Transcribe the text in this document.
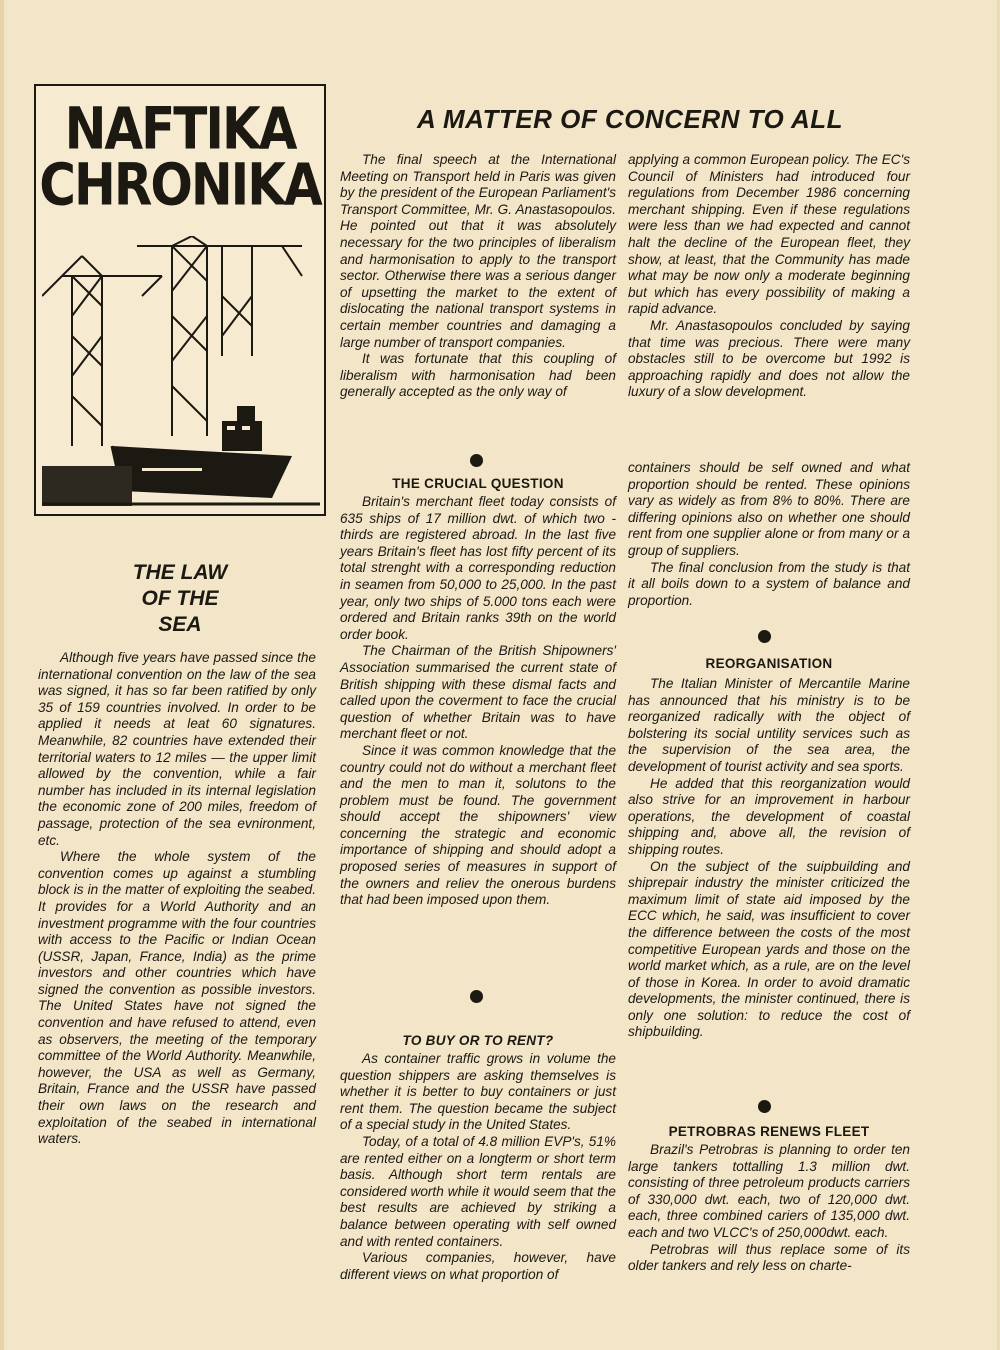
NAFTIKA
CHRONIKA
A MATTER OF CONCERN TO ALL
THE LAW
OF THE
SEA

Although five years have passed since the international convention on the law of the sea was signed, it has so far been ratified by only 35 of 159 countries involved. In order to be applied it needs at leat 60 signatures. Meanwhile, 82 countries have extended their territorial waters to 12 miles — the upper limit allowed by the convention, while a fair number has included in its internal legislation the economic zone of 200 miles, freedom of passage, protection of the sea evnironment, etc.

Where the whole system of the convention comes up against a stumbling block is in the matter of exploiting the seabed. It provides for a World Authority and an investment programme with the four countries with access to the Pacific or Indian Ocean (USSR, Japan, France, India) as the prime investors and other countries which have signed the convention as possible investors. The United States have not signed the convention and have refused to attend, even as observers, the meeting of the temporary committee of the World Authority. Meanwhile, however, the USA as well as Germany, Britain, France and the USSR have passed their own laws on the research and exploitation of the seabed in international waters.

The final speech at the International Meeting on Transport held in Paris was given by the president of the European Parliament's Transport Committee, Mr. G. Anastasopoulos. He pointed out that it was absolutely necessary for the two principles of liberalism and harmonisation to apply to the transport sector. Otherwise there was a serious danger of upsetting the market to the extent of dislocating the national transport systems in certain member countries and damaging a large number of transport companies.

It was fortunate that this coupling of liberalism with harmonisation had been generally accepted as the only way of

applying a common European policy. The EC's Council of Ministers had introduced four regulations from December 1986 concerning merchant shipping. Even if these regulations were less than we had expected and cannot halt the decline of the European fleet, they show, at least, that the Community has made what may be now only a moderate beginning but which has every possibility of making a rapid advance.

Mr. Anastasopoulos concluded by saying that time was precious. There were many obstacles still to be overcome but 1992 is approaching rapidly and does not allow the luxury of a slow development.

THE CRUCIAL QUESTION

Britain's merchant fleet today consists of 635 ships of 17 million dwt. of which two - thirds are registered abroad. In the last five years Britain's fleet has lost fifty percent of its total strenght with a corresponding reduction in seamen from 50,000 to 25,000. In the past year, only two ships of 5.000 tons each were ordered and Britain ranks 39th on the world order book.

The Chairman of the British Shipowners' Association summarised the current state of British shipping with these dismal facts and called upon the coverment to face the crucial question of whether Britain was to have merchant fleet or not.

Since it was common knowledge that the country could not do without a merchant fleet and the men to man it, solutons to the problem must be found. The government should accept the shipowners' view concerning the strategic and economic importance of shipping and should adopt a proposed series of measures in support of the owners and reliev the onerous burdens that had been imposed upon them.

TO BUY OR TO RENT?

As container traffic grows in volume the question shippers are asking themselves is whether it is better to buy containers or just rent them. The question became the subject of a special study in the United States.

Today, of a total of 4.8 million EVP's, 51% are rented either on a longterm or short term basis. Although short term rentals are considered worth while it would seem that the best results are achieved by striking a balance between operating with self owned and with rented containers.

Various companies, however, have different views on what proportion of

containers should be self owned and what proportion should be rented. These opinions vary as widely as from 8% to 80%. There are differing opinions also on whether one should rent from one supplier alone or from many or a group of suppliers.

The final conclusion from the study is that it all boils down to a system of balance and proportion.

REORGANISATION

The Italian Minister of Mercantile Marine has announced that his ministry is to be reorganized radically with the object of bolstering its social untility services such as the supervision of the sea area, the development of tourist activity and sea sports.

He added that this reorganization would also strive for an improvement in harbour operations, the development of coastal shipping and, above all, the revision of shipping routes.

On the subject of the suipbuilding and shiprepair industry the minister criticized the maximum limit of state aid imposed by the ECC which, he said, was insufficient to cover the difference between the costs of the most competitive European yards and those on the world market which, as a rule, are on the level of those in Korea. In order to avoid dramatic developments, the minister continued, there is only one solution: to reduce the cost of shipbuilding.

PETROBRAS RENEWS FLEET

Brazil's Petrobras is planning to order ten large tankers tottalling 1.3 million dwt. consisting of three petroleum products carriers of 330,000 dwt. each, two of 120,000 dwt. each, three combined cariers of 135,000 dwt. each and two VLCC's of 250,000dwt. each.

Petrobras will thus replace some of its older tankers and rely less on charte-
